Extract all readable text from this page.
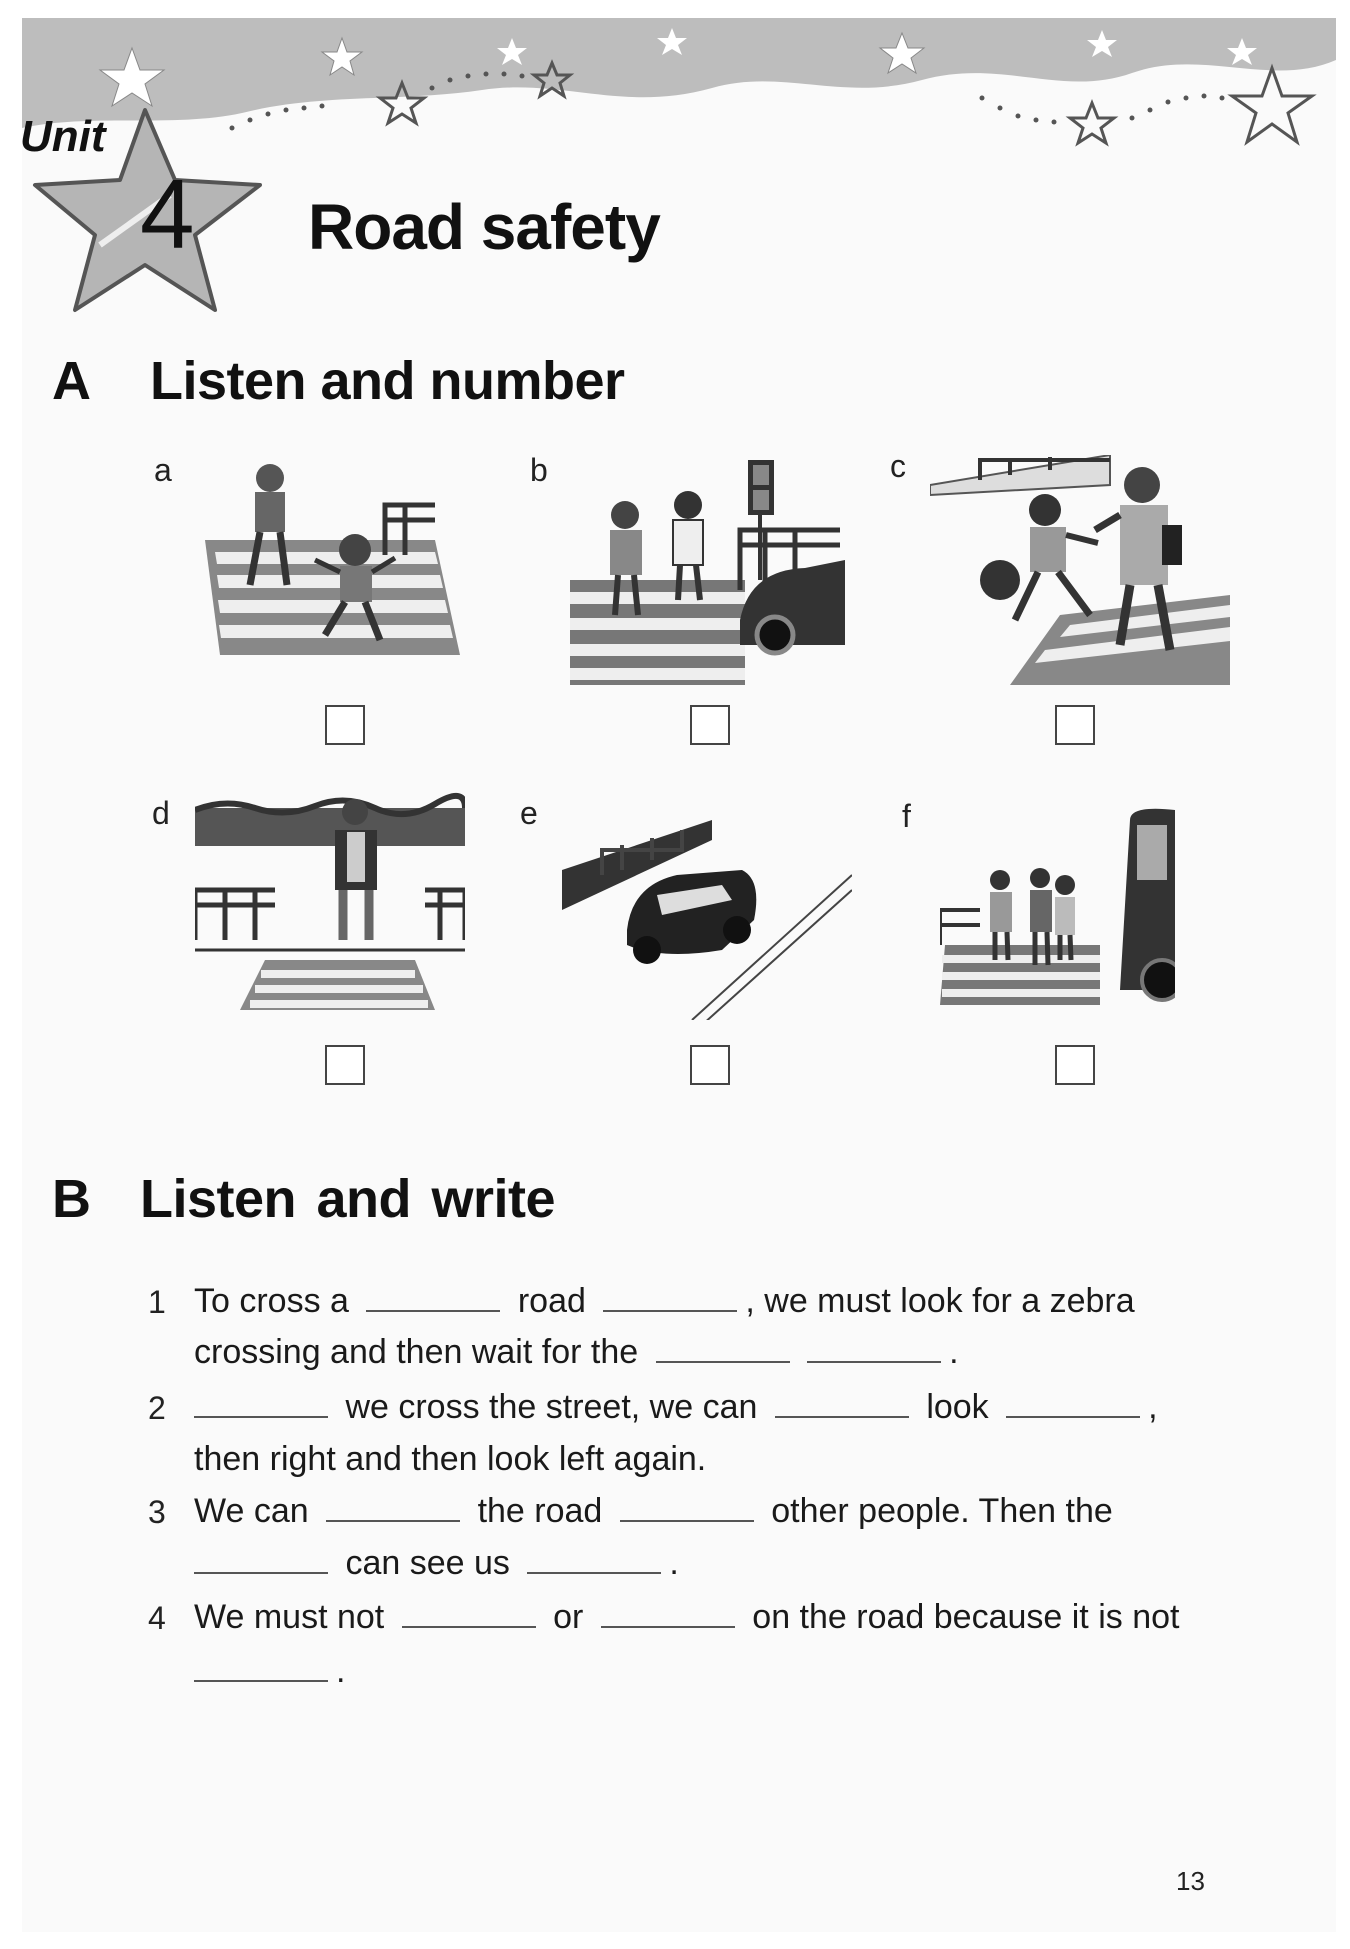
Unit
4 Road safety
A Listen and number
a	b	c
d	e	f
B Listen and write
1 To cross a	road	, we must look for a zebra
crossing and then wait for the	.
2	we cross the street, we can	look	,
then right and then look left again.
3 We can	the road	other people. Then the
can see us	.
4 We must not	or	on the road because it is not
.
13
